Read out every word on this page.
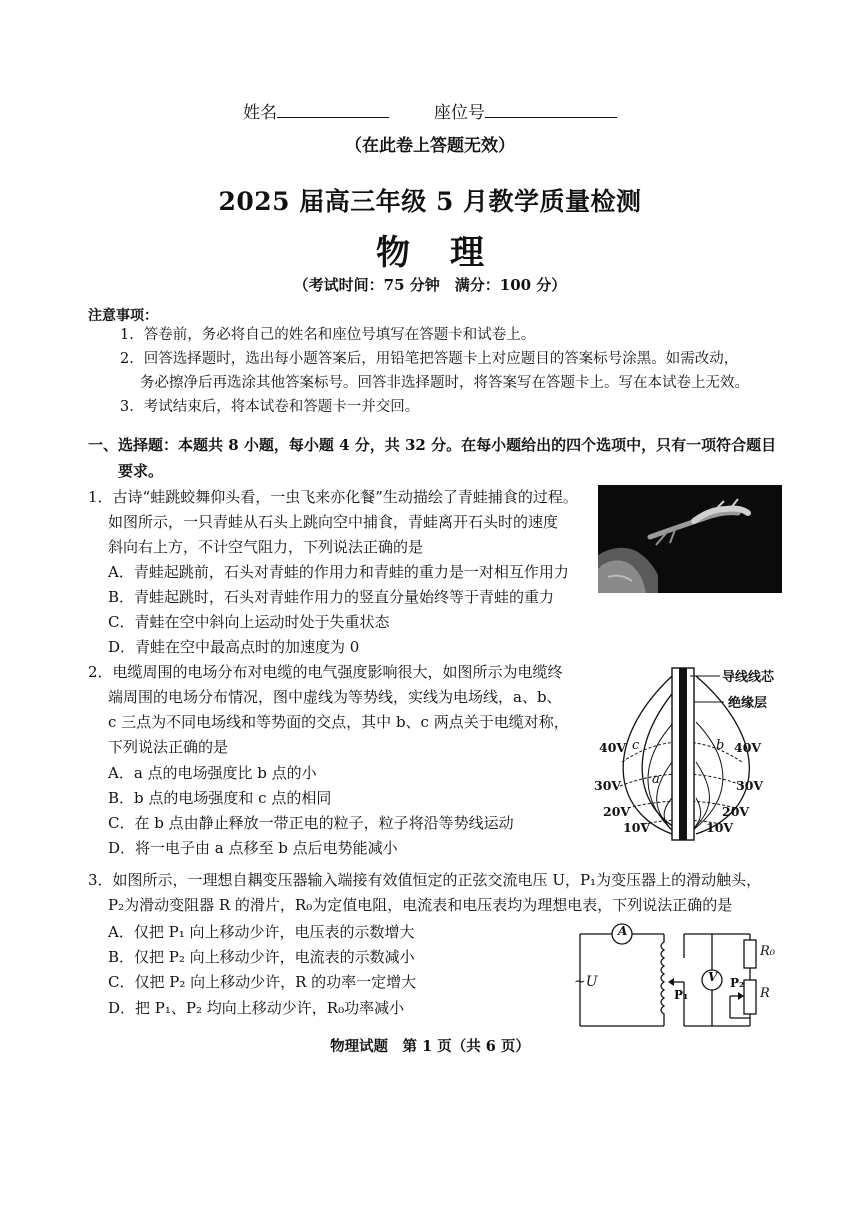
姓名	座位号
（在此卷上答题无效）
2025 届高三年级 5 月教学质量检测
物理
（考试时间：75 分钟　满分：100 分）
注意事项：
1．答卷前，务必将自己的姓名和座位号填写在答题卡和试卷上。
2．回答选择题时，选出每小题答案后，用铅笔把答题卡上对应题目的答案标号涂黑。如需改动，
务必擦净后再选涂其他答案标号。回答非选择题时，将答案写在答题卡上。写在本试卷上无效。
3．考试结束后，将本试卷和答题卡一并交回。
一、选择题：本题共 8 小题，每小题 4 分，共 32 分。在每小题给出的四个选项中，只有一项符合题目
要求。
1．古诗“蛙跳蛟舞仰头看，一虫飞来亦化餐”生动描绘了青蛙捕食的过程。
如图所示，一只青蛙从石头上跳向空中捕食，青蛙离开石头时的速度
斜向右上方，不计空气阻力，下列说法正确的是
A．青蛙起跳前，石头对青蛙的作用力和青蛙的重力是一对相互作用力
B．青蛙起跳时，石头对青蛙作用力的竖直分量始终等于青蛙的重力
C．青蛙在空中斜向上运动时处于失重状态
D．青蛙在空中最高点时的加速度为 0
2．电缆周围的电场分布对电缆的电气强度影响很大，如图所示为电缆终
端周围的电场分布情况，图中虚线为等势线，实线为电场线，a、b、
c 三点为不同电场线和等势面的交点，其中 b、c 两点关于电缆对称，
下列说法正确的是
A．a 点的电场强度比 b 点的小
B．b 点的电场强度和 c 点的相同
C．在 b 点由静止释放一带正电的粒子，粒子将沿等势线运动
D．将一电子由 a 点移至 b 点后电势能减小
导线线芯
绝缘层
40V	40V
30V	30V
20V	20V
10V	10V
c	b
a
3．如图所示，一理想自耦变压器输入端接有效值恒定的正弦交流电压 U，P₁为变压器上的滑动触头，
P₂为滑动变阻器 R 的滑片，R₀为定值电阻，电流表和电压表均为理想电表，下列说法正确的是
A．仅把 P₁ 向上移动少许，电压表的示数增大
B．仅把 P₂ 向上移动少许，电流表的示数减小
C．仅把 P₂ 向上移动少许，R 的功率一定增大
D．把 P₁、P₂ 均向上移动少许，R₀功率减小
A
V
~U
R₀
R
P₁
P₂
物理试题　第 1 页（共 6 页）
